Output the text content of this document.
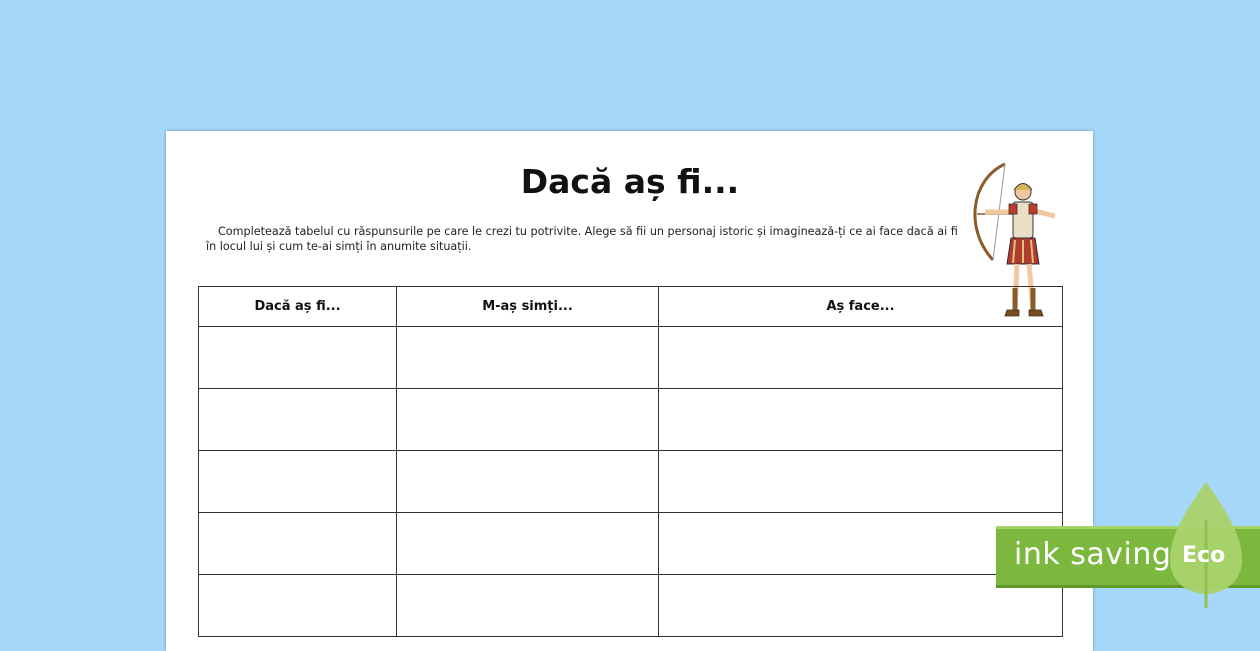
Dacă aș fi...

Completează tabelul cu răspunsurile pe care le crezi tu potrivite. Alege să fii un personaj istoric și imaginează-ți ce ai face dacă ai fi în locul lui și cum te-ai simți în anumite situații.

Dacă aș fi...	M-aș simți...	Aș face...

ink saving Eco
